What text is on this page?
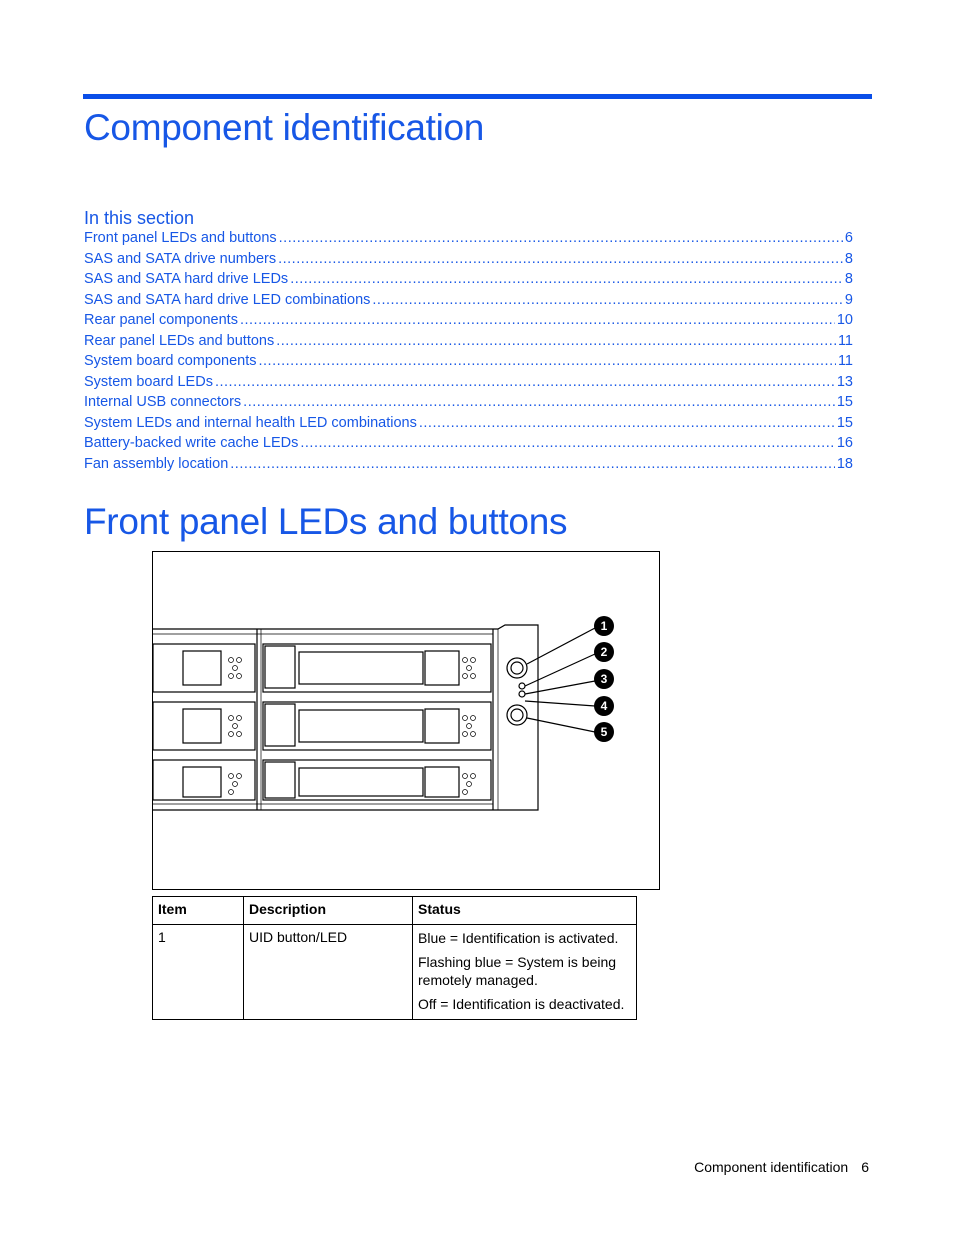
Component identification
In this section
Front panel LEDs and buttons .....	6
SAS and SATA drive numbers .....	8
SAS and SATA hard drive LEDs .....	8
SAS and SATA hard drive LED combinations .....	9
Rear panel components .....	10
Rear panel LEDs and buttons .....	11
System board components .....	11
System board LEDs .....	13
Internal USB connectors .....	15
System LEDs and internal health LED combinations .....	15
Battery-backed write cache LEDs .....	16
Fan assembly location .....	18
Front panel LEDs and buttons
1
2
3
4
5
Item	Description	Status
1	UID button/LED	Blue = Identification is activated.

Flashing blue = System is being remotely managed.

Off = Identification is deactivated.

Component identification 6
